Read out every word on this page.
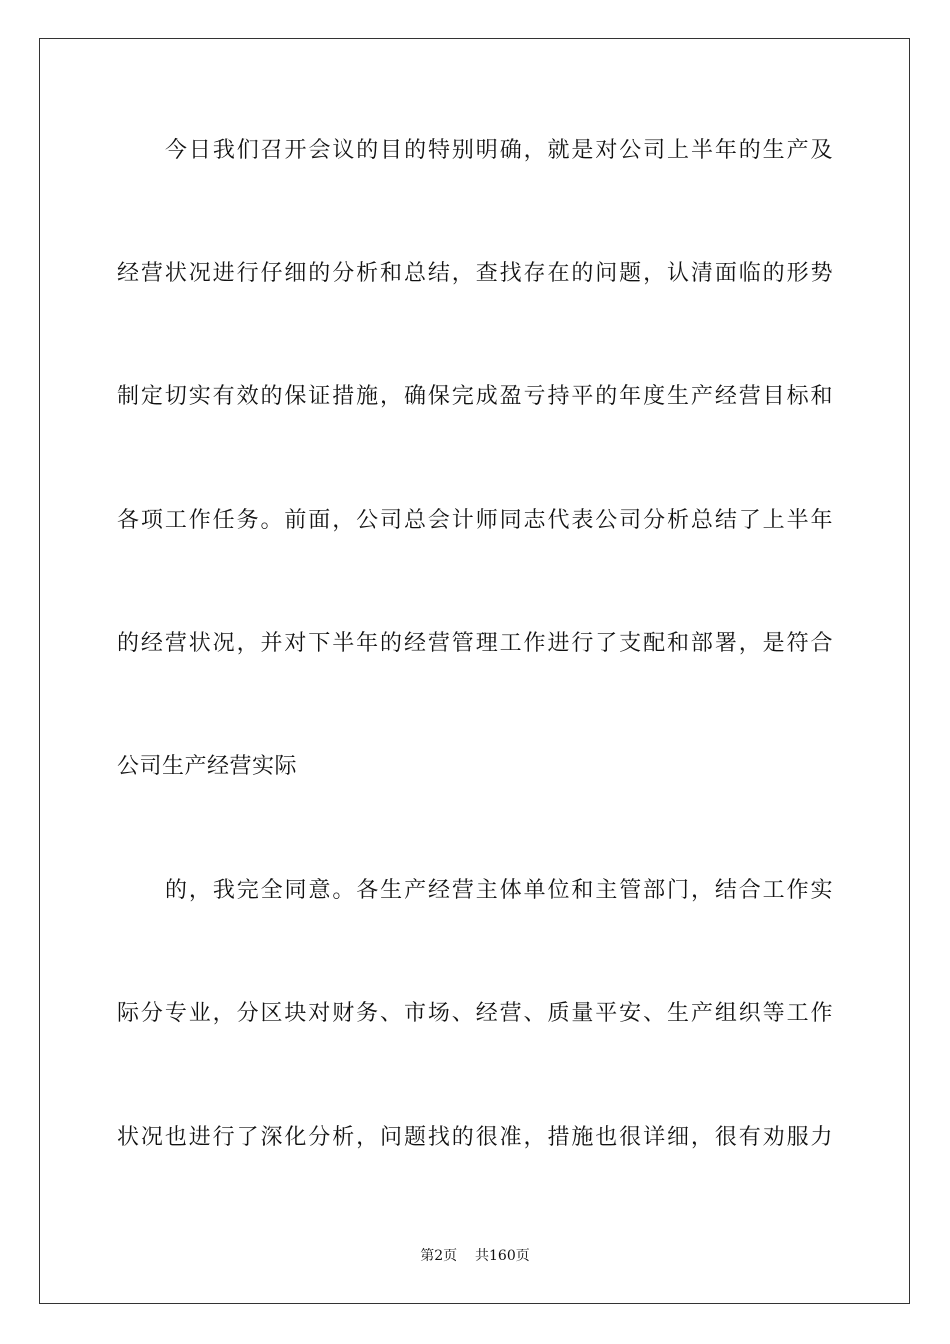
今日我们召开会议的目的特别明确，就是对公司上半年的生产及
经营状况进行仔细的分析和总结，查找存在的问题，认清面临的形势
制定切实有效的保证措施，确保完成盈亏持平的年度生产经营目标和
各项工作任务。前面，公司总会计师同志代表公司分析总结了上半年
的经营状况，并对下半年的经营管理工作进行了支配和部署，是符合
公司生产经营实际
的，我完全同意。各生产经营主体单位和主管部门，结合工作实
际分专业，分区块对财务、市场、经营、质量平安、生产组织等工作
状况也进行了深化分析，问题找的很准，措施也很详细，很有劝服力
第2页 共160页
